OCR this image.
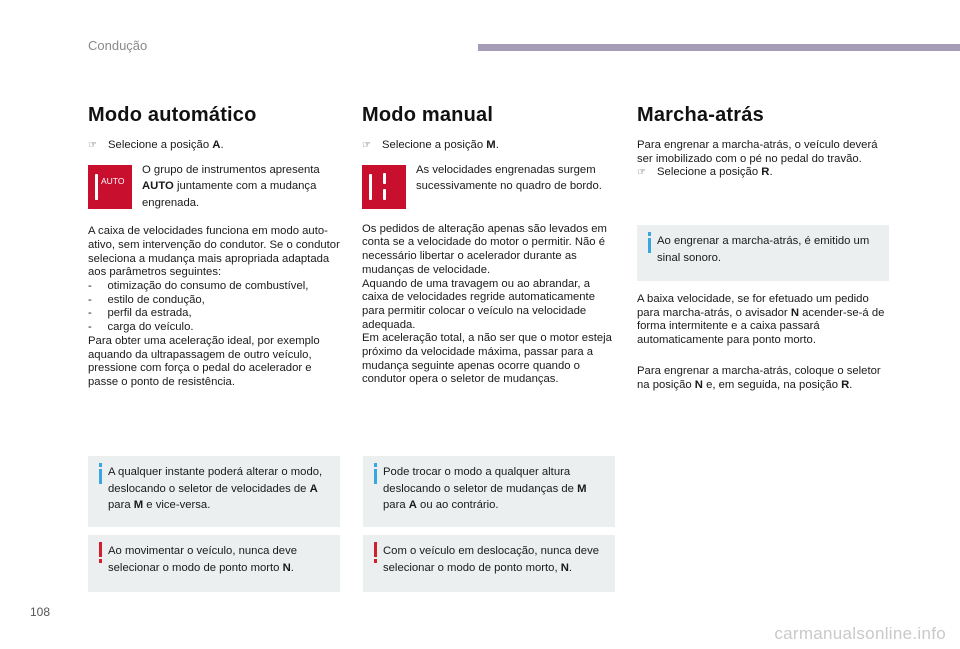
Condução
Modo automático
☞ Selecione a posição A.
AUTO
O grupo de instrumentos apresenta AUTO juntamente com a mudança engrenada.

A caixa de velocidades funciona em modo auto-ativo, sem intervenção do condutor. Se o condutor seleciona a mudança mais apropriada adaptada aos parâmetros seguintes:
-     otimização do consumo de combustível,
-     estilo de condução,
-     perfil da estrada,
-     carga do veículo.
Para obter uma aceleração ideal, por exemplo aquando da ultrapassagem de outro veículo, pressione com força o pedal do acelerador e passe o ponto de resistência.

Modo manual
☞ Selecione a posição M.
As velocidades engrenadas surgem sucessivamente no quadro de bordo.

Os pedidos de alteração apenas são levados em conta se a velocidade do motor o permitir. Não é necessário libertar o acelerador durante as mudanças de velocidade.
Aquando de uma travagem ou ao abrandar, a caixa de velocidades regride automaticamente para permitir colocar o veículo na velocidade adequada.
Em aceleração total, a não ser que o motor esteja próximo da velocidade máxima, passar para a mudança seguinte apenas ocorre quando o condutor opera o seletor de mudanças.

Marcha-atrás

Para engrenar a marcha-atrás, o veículo deverá ser imobilizado com o pé no pedal do travão.

☞ Selecione a posição R.
Ao engrenar a marcha-atrás, é emitido um sinal sonoro.

A baixa velocidade, se for efetuado um pedido para marcha-atrás, o avisador N acender-se-á de forma intermitente e a caixa passará automaticamente para ponto morto.

Para engrenar a marcha-atrás, coloque o seletor na posição N e, em seguida, na posição R.

A qualquer instante poderá alterar o modo, deslocando o seletor de velocidades de A para M e vice-versa.
Ao movimentar o veículo, nunca deve selecionar o modo de ponto morto N.
Pode trocar o modo a qualquer altura deslocando o seletor de mudanças de M para A ou ao contrário.
Com o veículo em deslocação, nunca deve selecionar o modo de ponto morto, N.
108
carmanualsonline.info
